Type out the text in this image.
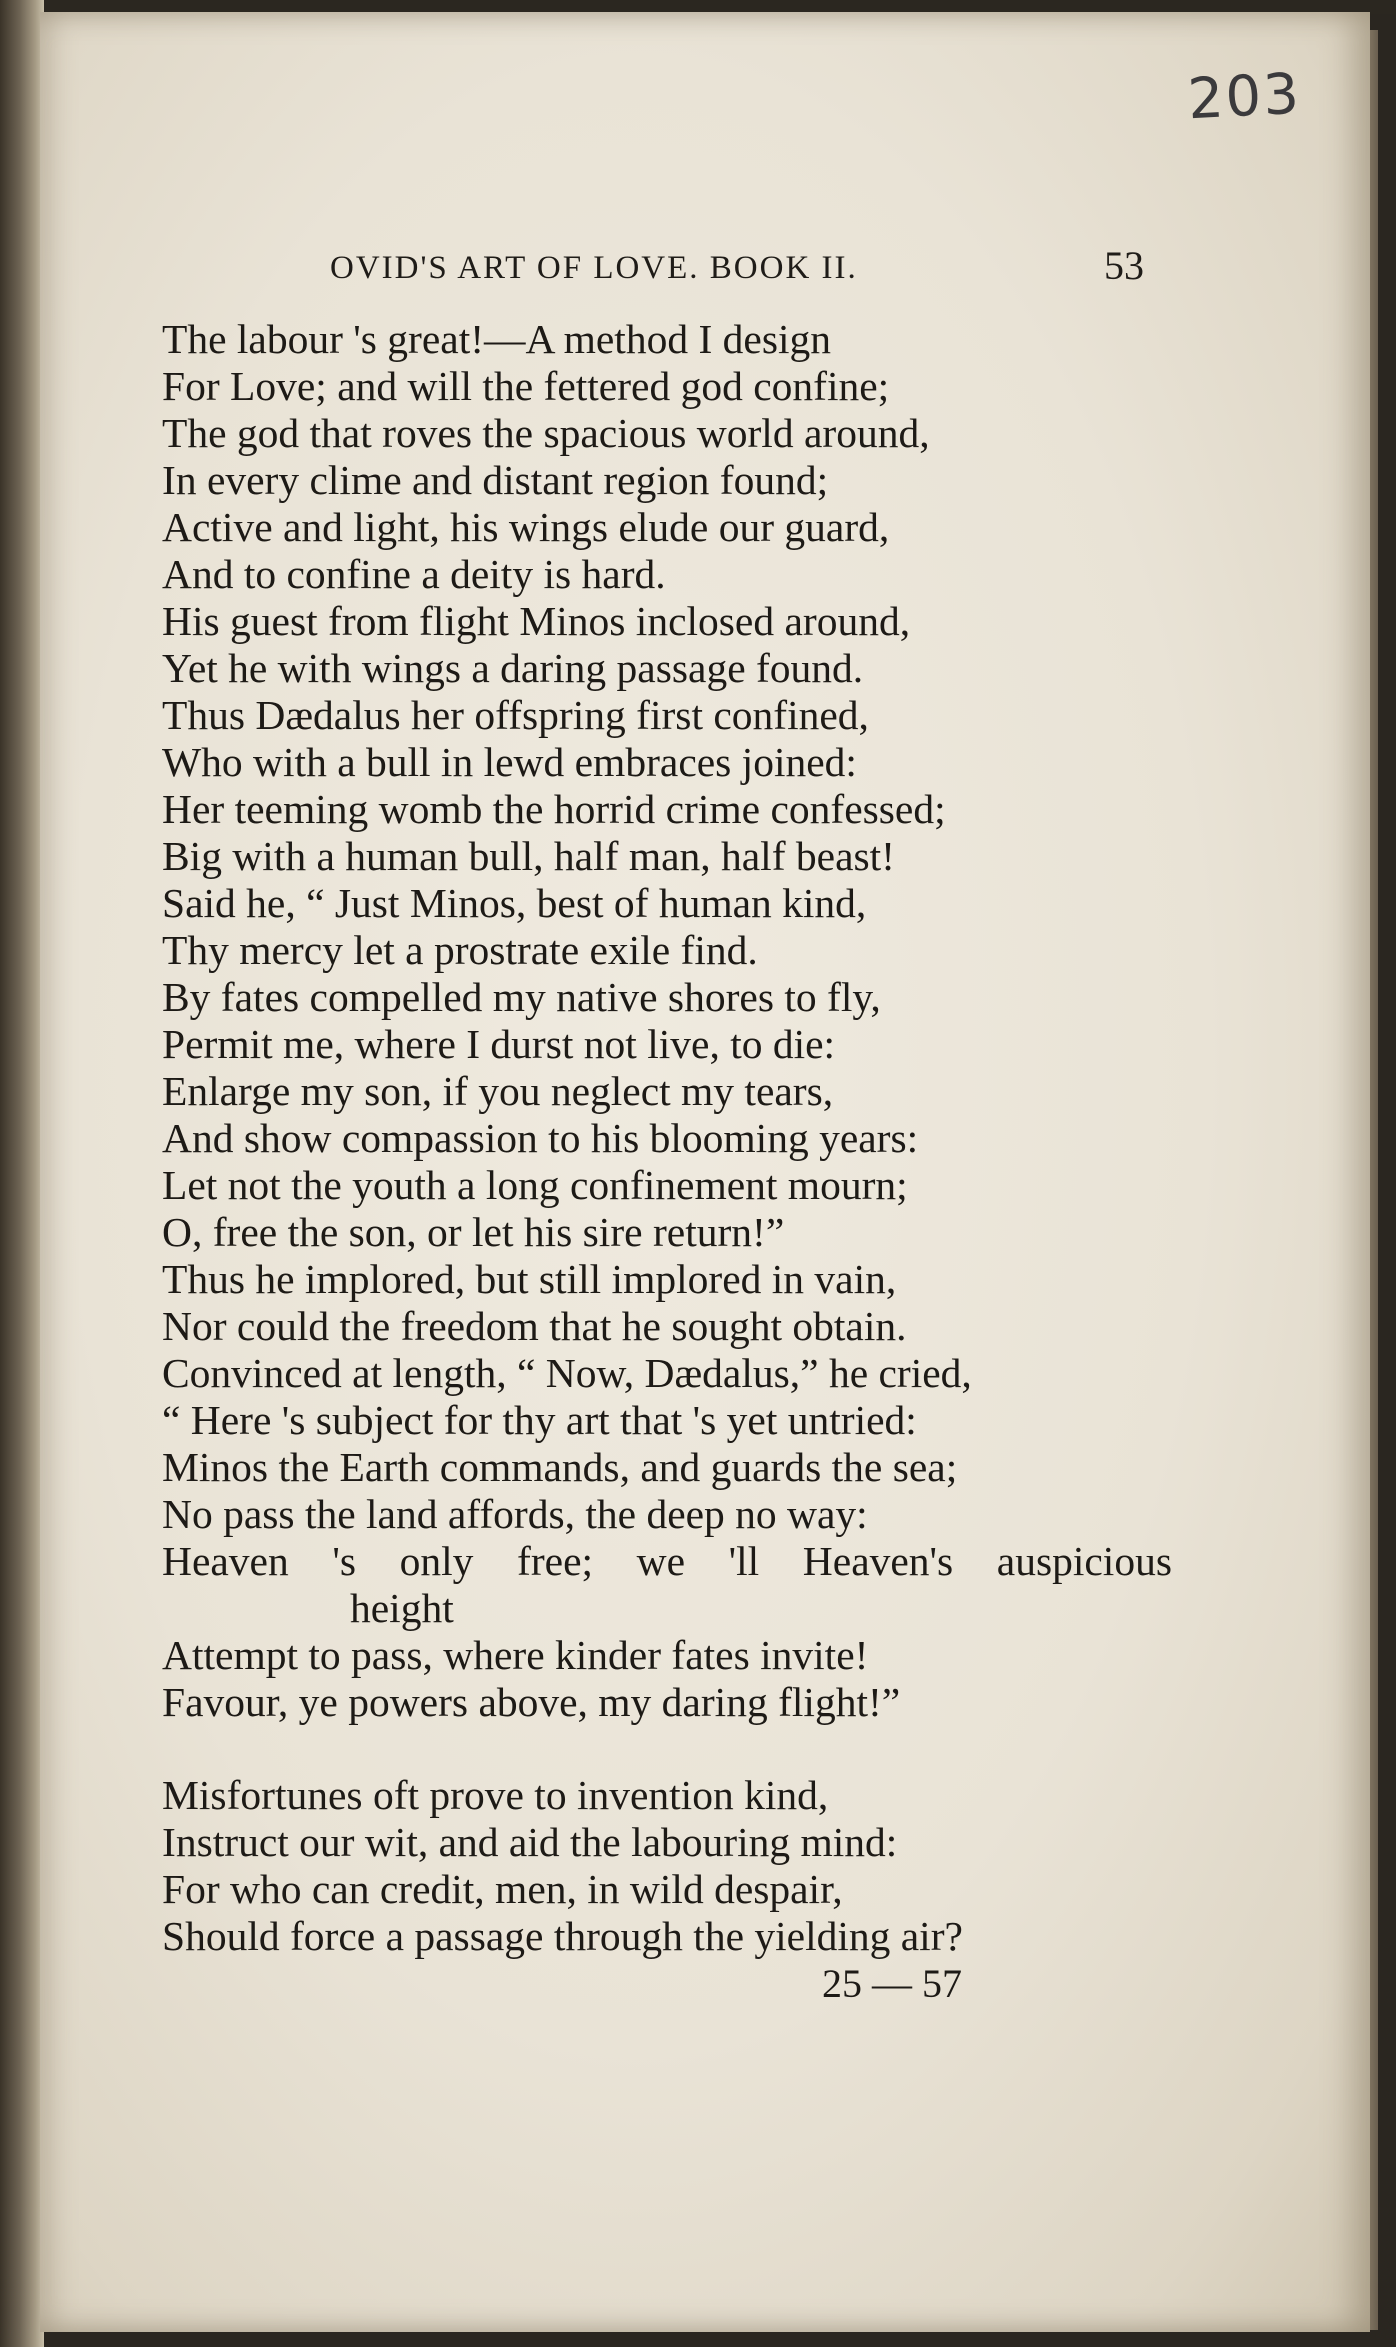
203
OVID'S ART OF LOVE. BOOK II.	53
The labour 's great!—A method I design
For Love; and will the fettered god confine;
The god that roves the spacious world around,
In every clime and distant region found;
Active and light, his wings elude our guard,
And to confine a deity is hard.
His guest from flight Minos inclosed around,
Yet he with wings a daring passage found.
Thus Dædalus her offspring first confined,
Who with a bull in lewd embraces joined:
Her teeming womb the horrid crime confessed;
Big with a human bull, half man, half beast!
Said he, “ Just Minos, best of human kind,
Thy mercy let a prostrate exile find.
By fates compelled my native shores to fly,
Permit me, where I durst not live, to die:
Enlarge my son, if you neglect my tears,
And show compassion to his blooming years:
Let not the youth a long confinement mourn;
O, free the son, or let his sire return!”
Thus he implored, but still implored in vain,
Nor could the freedom that he sought obtain.
Convinced at length, “ Now, Dædalus,” he cried,
“ Here 's subject for thy art that 's yet untried:
Minos the Earth commands, and guards the sea;
No pass the land affords, the deep no way:
Heaven 's only free; we 'll Heaven's auspicious
height
Attempt to pass, where kinder fates invite!
Favour, ye powers above, my daring flight!”
Misfortunes oft prove to invention kind,
Instruct our wit, and aid the labouring mind:
For who can credit, men, in wild despair,
Should force a passage through the yielding air?
25 — 57
